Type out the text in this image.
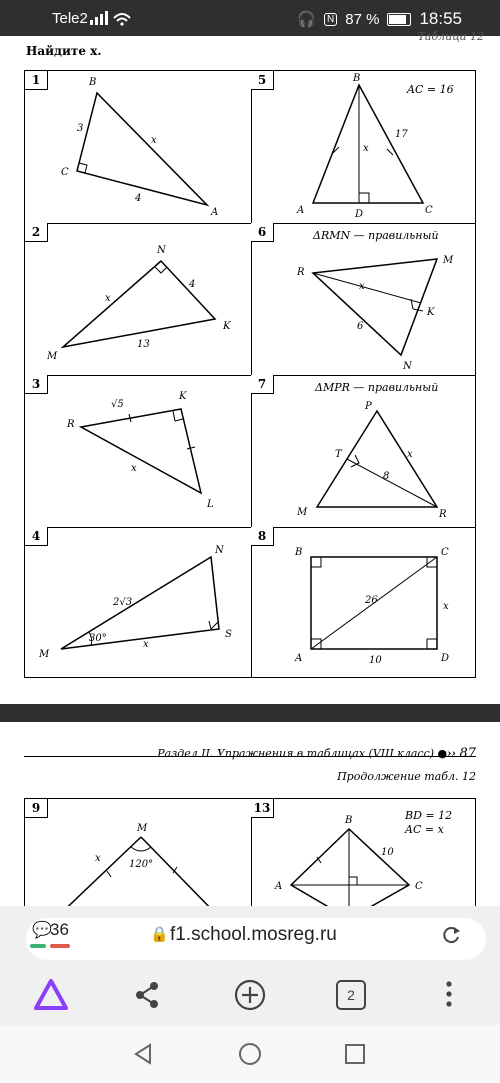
Tele2	🎧	N 87 % 18:55
Таблица 12
Найдите x.
1	B
C
A
3
x
4
5
AC = 16
B
A	D	C
x
17
2
N
M
K
x
4
13
6	ΔRMN — правильный
R
M
K
N
x
6
3
R
K
L
√5
x
7	ΔMPR — правильный
P
T
M	R
x
8
4
M
N
S
2√3
30°
x
8
B	C
A	D
26
x
10
Раздел II. Упражнения в таблицах (VIII класс) ●›› 87
Продолжение табл. 12
9
M
x
120°
13
BD = 12
AC = x
B
A	C
10
💬
36	🔒 f1.school.mosreg.ru
2
